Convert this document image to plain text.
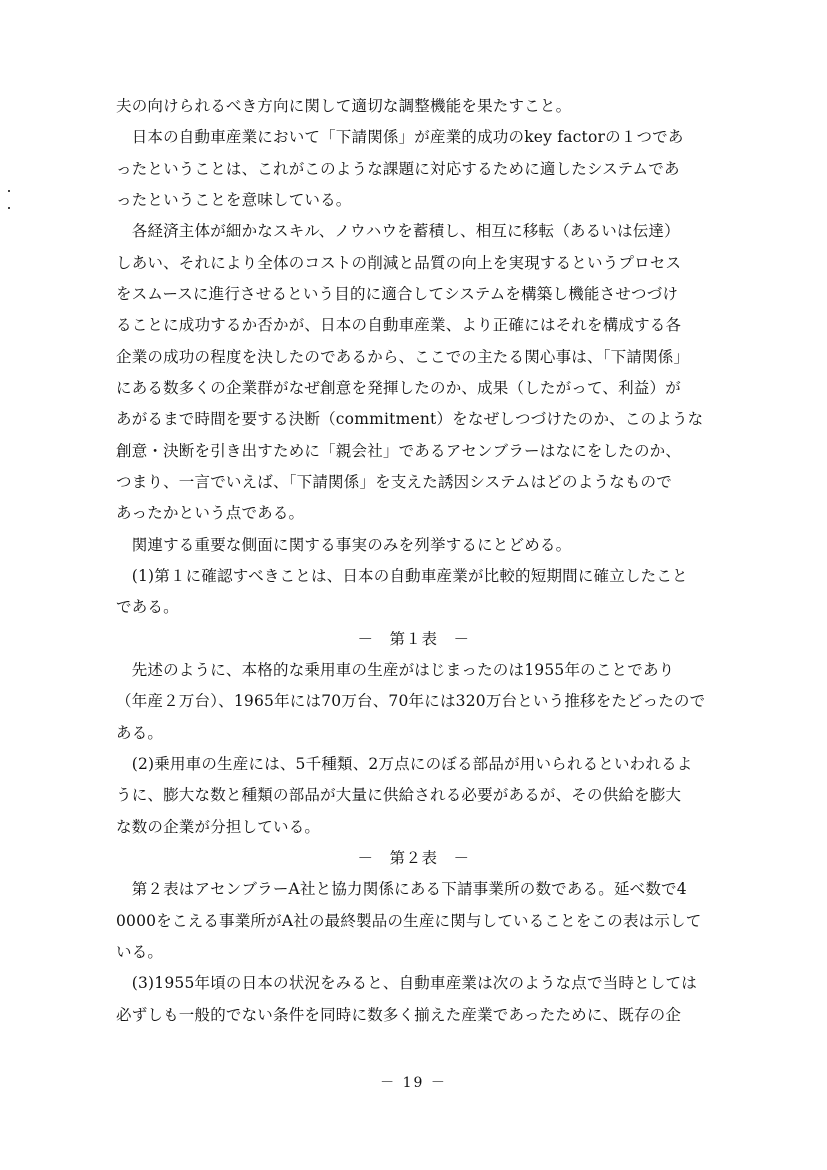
夫の向けられるべき方向に関して適切な調整機能を果たすこと。
　日本の自動車産業において「下請関係」が産業的成功のkey factorの１つであ
ったということは、これがこのような課題に対応するために適したシステムであ
ったということを意味している。
　各経済主体が細かなスキル、ノウハウを蓄積し、相互に移転（あるいは伝達）
しあい、それにより全体のコストの削減と品質の向上を実現するというプロセス
をスムースに進行させるという目的に適合してシステムを構築し機能させつづけ
ることに成功するか否かが、日本の自動車産業、より正確にはそれを構成する各
企業の成功の程度を決したのであるから、ここでの主たる関心事は、「下請関係」
にある数多くの企業群がなぜ創意を発揮したのか、成果（したがって、利益）が
あがるまで時間を要する決断（commitment）をなぜしつづけたのか、このような
創意・決断を引き出すために「親会社」であるアセンブラーはなにをしたのか、
つまり、一言でいえば、「下請関係」を支えた誘因システムはどのようなもので
あったかという点である。
　関連する重要な側面に関する事実のみを列挙するにとどめる。
　(1)第１に確認すべきことは、日本の自動車産業が比較的短期間に確立したこと
である。
－　第１表　－
　先述のように、本格的な乗用車の生産がはじまったのは1955年のことであり
（年産２万台）、1965年には70万台、70年には320万台という推移をたどったので
ある。
　(2)乗用車の生産には、5千種類、2万点にのぼる部品が用いられるといわれるよ
うに、膨大な数と種類の部品が大量に供給される必要があるが、その供給を膨大
な数の企業が分担している。
－　第２表　－
　第２表はアセンブラーA社と協力関係にある下請事業所の数である。延べ数で4
0000をこえる事業所がA社の最終製品の生産に関与していることをこの表は示して
いる。
　(3)1955年頃の日本の状況をみると、自動車産業は次のような点で当時としては
必ずしも一般的でない条件を同時に数多く揃えた産業であったために、既存の企
－ 19 －
